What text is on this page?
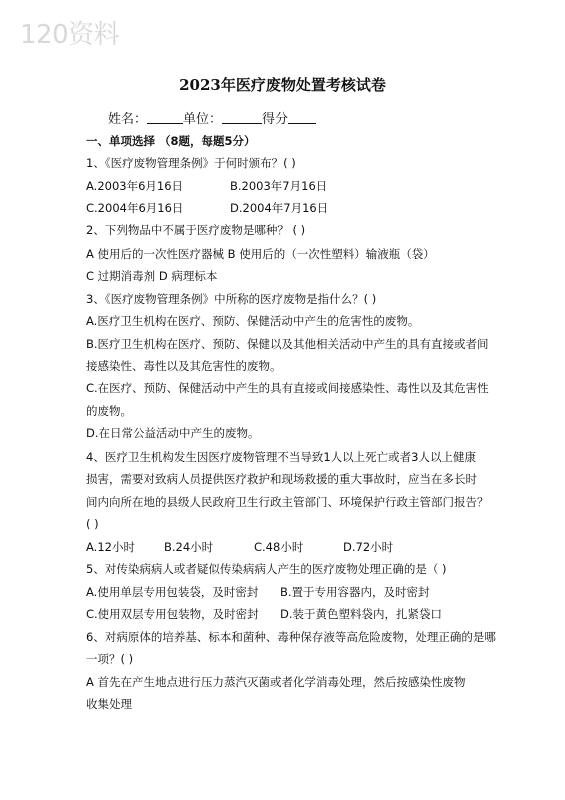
120资料
2023年医疗废物处置考核试卷
姓名：	单位：	得分
一、单项选择 （8题，每题5分）
1、《医疗废物管理条例》于何时颁布？( )
A.2003年6月16日	B.2003年7月16日
C.2004年6月16日	D.2004年7月16日
2、下列物品中不属于医疗废物是哪种？ ( )
A 使用后的一次性医疗器械 B 使用后的（一次性塑料）输液瓶（袋）
C 过期消毒剂 D 病理标本
3、《医疗废物管理条例》中所称的医疗废物是指什么？( )
A.医疗卫生机构在医疗、预防、保健活动中产生的危害性的废物。
B.医疗卫生机构在医疗、预防、保健以及其他相关活动中产生的具有直接或者间
接感染性、毒性以及其危害性的废物。
C.在医疗、预防、保健活动中产生的具有直接或间接感染性、毒性以及其危害性
的废物。
D.在日常公益活动中产生的废物。
4、医疗卫生机构发生因医疗废物管理不当导致1人以上死亡或者3人以上健康
损害，需要对致病人员提供医疗救护和现场救援的重大事故时，应当在多长时
间内向所在地的县级人民政府卫生行政主管部门、环境保护行政主管部门报告？
( )
A.12小时	B.24小时	C.48小时	D.72小时
5、对传染病病人或者疑似传染病病人产生的医疗废物处理正确的是（ )
A.使用单层专用包装袋，及时密封 B.置于专用容器内，及时密封
C.使用双层专用包装物，及时密封 D.装于黄色塑料袋内，扎紧袋口
6、对病原体的培养基、标本和菌种、毒种保存液等高危险废物，处理正确的是哪
一项？( )
A 首先在产生地点进行压力蒸汽灭菌或者化学消毒处理，然后按感染性废物
收集处理
